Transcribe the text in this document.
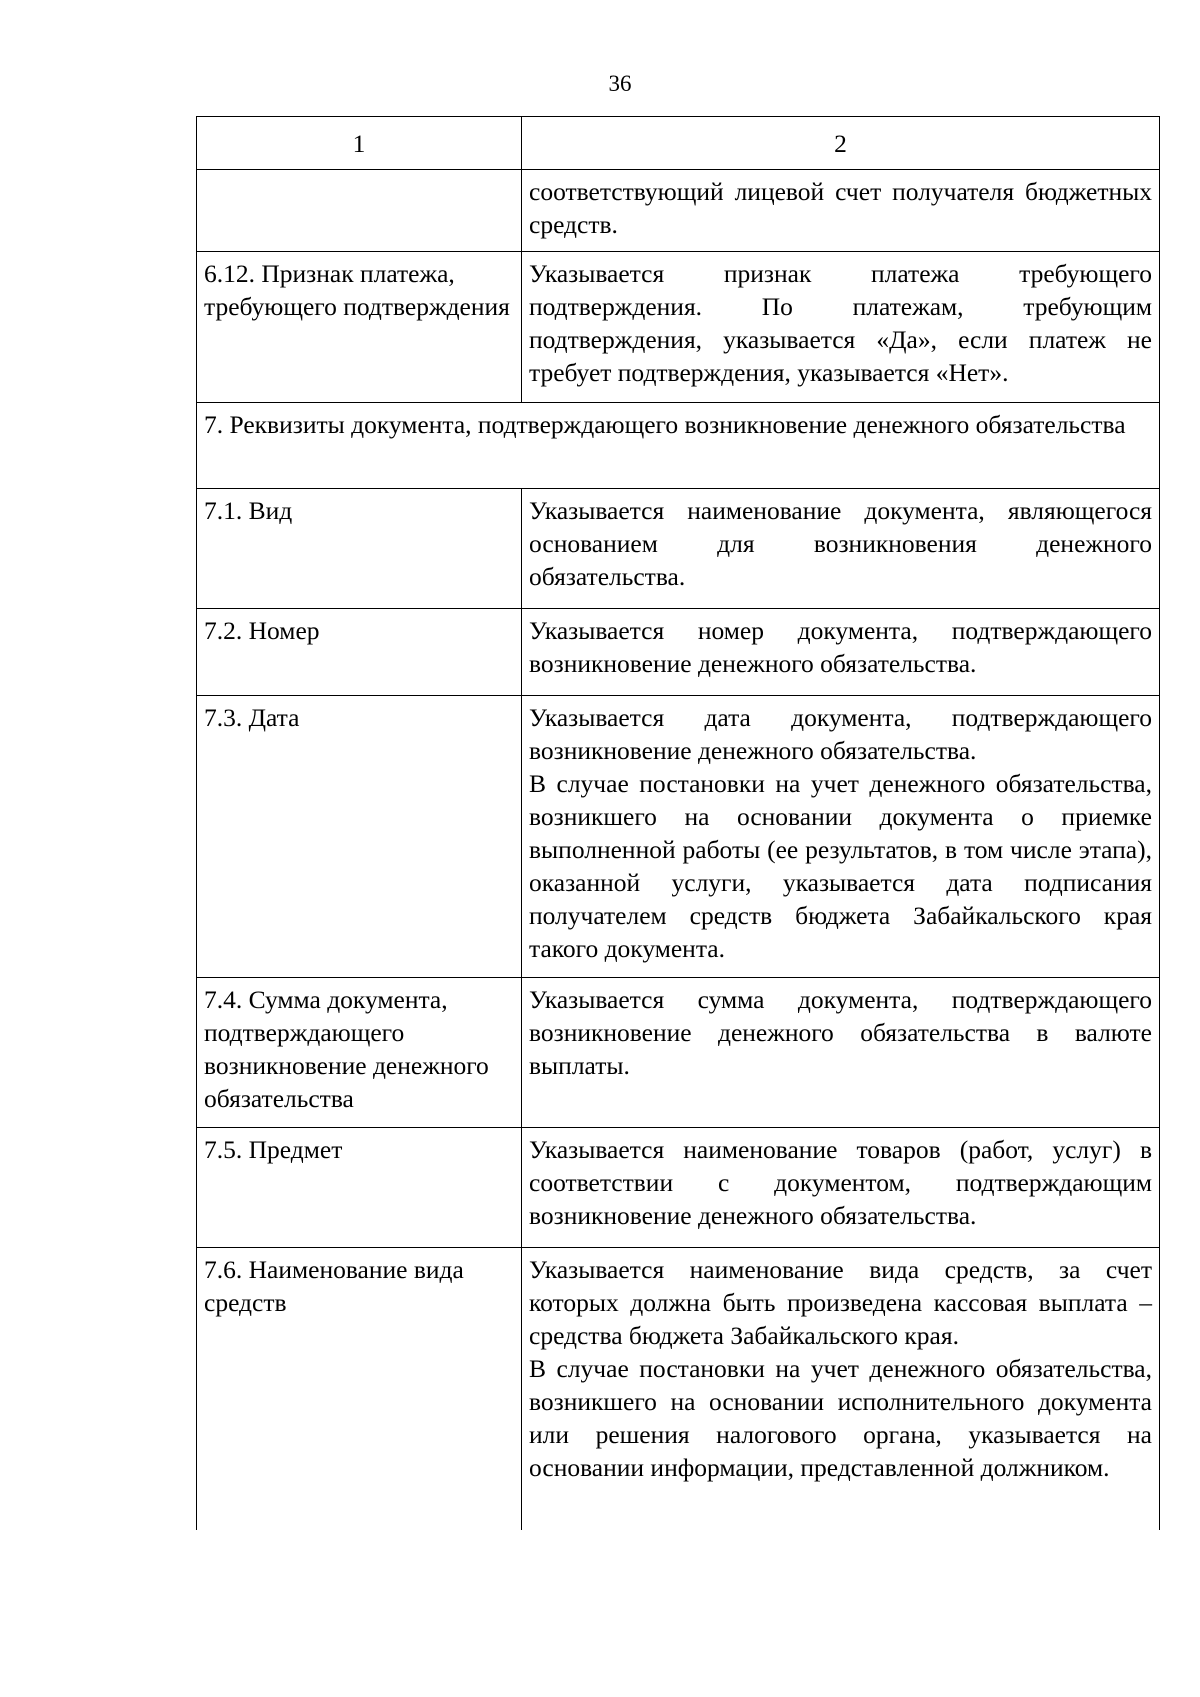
36
1	2

	соответствующий лицевой счет получателя бюджетных средств.

6.12. Признак платежа, требующего подтверждения	Указывается признак платежа требующего подтверждения. По платежам, требующим подтверждения, указывается «Да», если платеж не требует подтверждения, указывается «Нет».

7. Реквизиты документа, подтверждающего возникновение денежного обязательства	
7.1. Вид	Указывается наименование документа, являющегося основанием для возникновения денежного обязательства.

7.2. Номер	Указывается номер документа, подтверждающего возникновение денежного обязательства.

7.3. Дата	Указывается дата документа, подтверждающего возникновение денежного обязательства.
В случае постановки на учет денежного обязательства, возникшего на основании документа о приемке выполненной работы (ее результатов, в том числе этапа), оказанной услуги, указывается дата подписания получателем средств бюджета Забайкальского края такого документа.

7.4. Сумма документа, подтверждающего возникновение денежного обязательства	Указывается сумма документа, подтверждающего возникновение денежного обязательства в валюте выплаты.

7.5. Предмет	Указывается наименование товаров (работ, услуг) в соответствии с документом, подтверждающим возникновение денежного обязательства.

7.6. Наименование вида средств	Указывается наименование вида средств, за счет которых должна быть произведена кассовая выплата – средства бюджета Забайкальского края.
В случае постановки на учет денежного обязательства, возникшего на основании исполнительного документа или решения налогового органа, указывается на основании информации, представленной должником.
